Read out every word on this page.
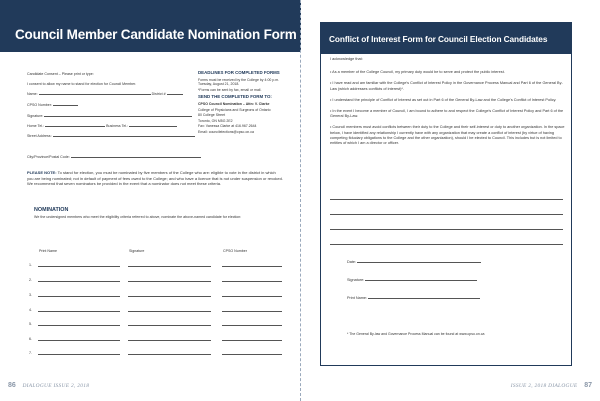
Council Member Candidate Nomination Form
Candidate Consent – Please print or type:
I consent to allow my name to stand for election for Council Member.
Name:	District #
CPSO Number:
Signature:
Home Tel.:	Business Tel.:
Street Address:
City/Province/Postal Code:
DEADLINES FOR COMPLETED FORMS

Forms must be received by the College by 4:00 p.m. Tuesday, August 21, 2018.

*Forms can be sent by fax, email or mail.

SEND THE COMPLETED FORM TO:

CPSO Council Nomination – Attn: V. Clarke

College of Physicians and Surgeons of Ontario

80 College Street

Toronto, ON M5G 2E2

Fax: Vanessa Clarke at 416.967.2644

Email: councilelections@cpso.on.ca

PLEASE NOTE: To stand for election, you must be nominated by five members of the College who are: eligible to vote in the district in which you are being nominated; not in default of payment of fees owed to the College; and who have a licence that is not under suspension or revoked. We recommend that seven nominators be provided in the event that a nominator does not meet these criteria.
NOMINATION
We the undersigned members who meet the eligibility criteria referred to above, nominate the above-named candidate for election:
Print Name	Signature	CPSO Number
1.
2.
3.
4.
5.
6.
7.
86 DIALOGUE ISSUE 2, 2018
Conflict of Interest Form for Council Election Candidates

I acknowledge that:

• As a member of the College Council, my primary duty would be to serve and protect the public interest.

• I have read and am familiar with the College's Conflict of Interest Policy in the Governance Process Manual and Part 6 of the General By-Law (which addresses conflicts of interest)*.

• I understand the principle of Conflict of Interest as set out in Part 6 of the General By-Law and the College's Conflict of Interest Policy.

• In the event I become a member of Council, I am bound to adhere to and respect the College's Conflict of Interest Policy and Part 6 of the General By-Law.

• Council members must avoid conflicts between their duty to the College and their self-interest or duty to another organization. In the space below, I have identified any relationship I currently have with any organization that may create a conflict of interest (by virtue of having competing fiduciary obligations to the College and the other organization), should I be elected to Council. This includes but is not limited to entities of which I am a director or officer.

Date:
Signature:
Print Name:
* The General By-law and Governance Process Manual can be found at www.cpso.on.ca
ISSUE 2, 2018 DIALOGUE 87
